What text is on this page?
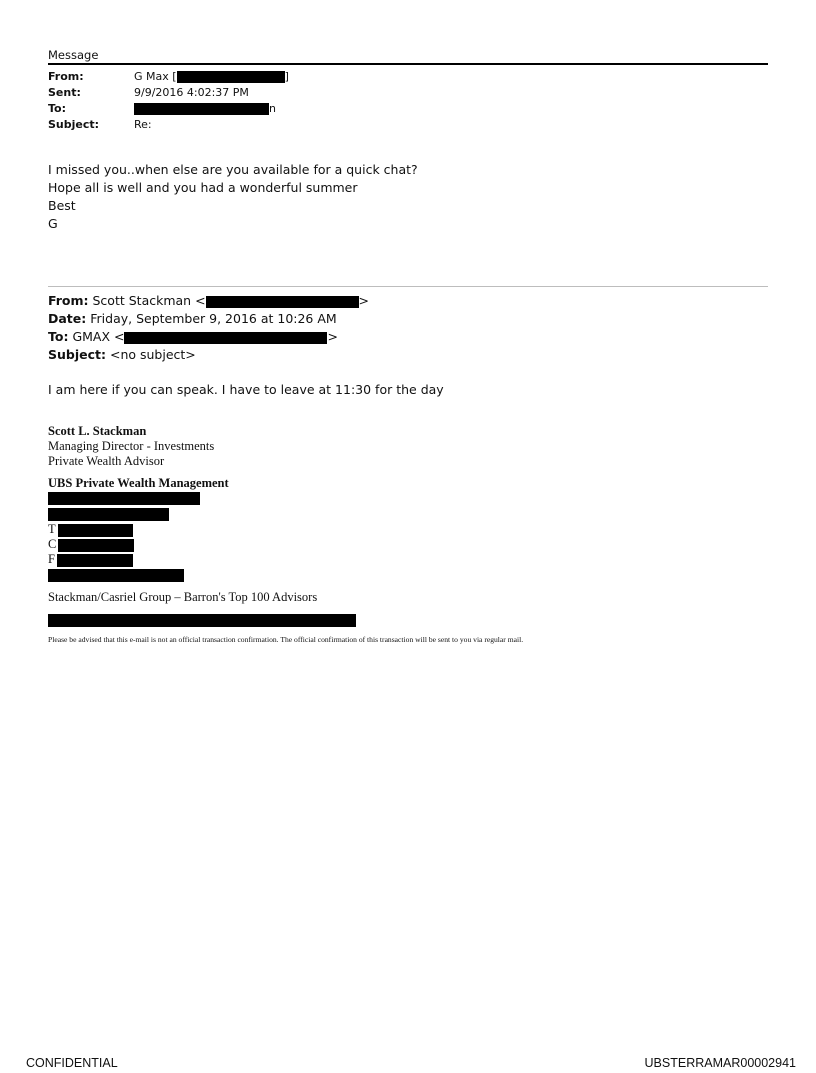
Message
From:	G Max [	]
Sent:	9/9/2016 4:02:37 PM
To:	n
Subject:	Re:
I missed you..when else are you available for a quick chat?
Hope all is well and you had a wonderful summer
Best
G
From: Scott Stackman <	>
Date: Friday, September 9, 2016 at 10:26 AM
To: GMAX <	>
Subject: <no subject>
I am here if you can speak. I have to leave at 11:30 for the day
Scott L. Stackman
Managing Director - Investments
Private Wealth Advisor
UBS Private Wealth Management
T
C
F
Stackman/Casriel Group – Barron's Top 100 Advisors
Please be advised that this e-mail is not an official transaction confirmation. The official confirmation of this transaction will be sent to you via regular mail.
CONFIDENTIAL	UBSTERRAMAR00002941
